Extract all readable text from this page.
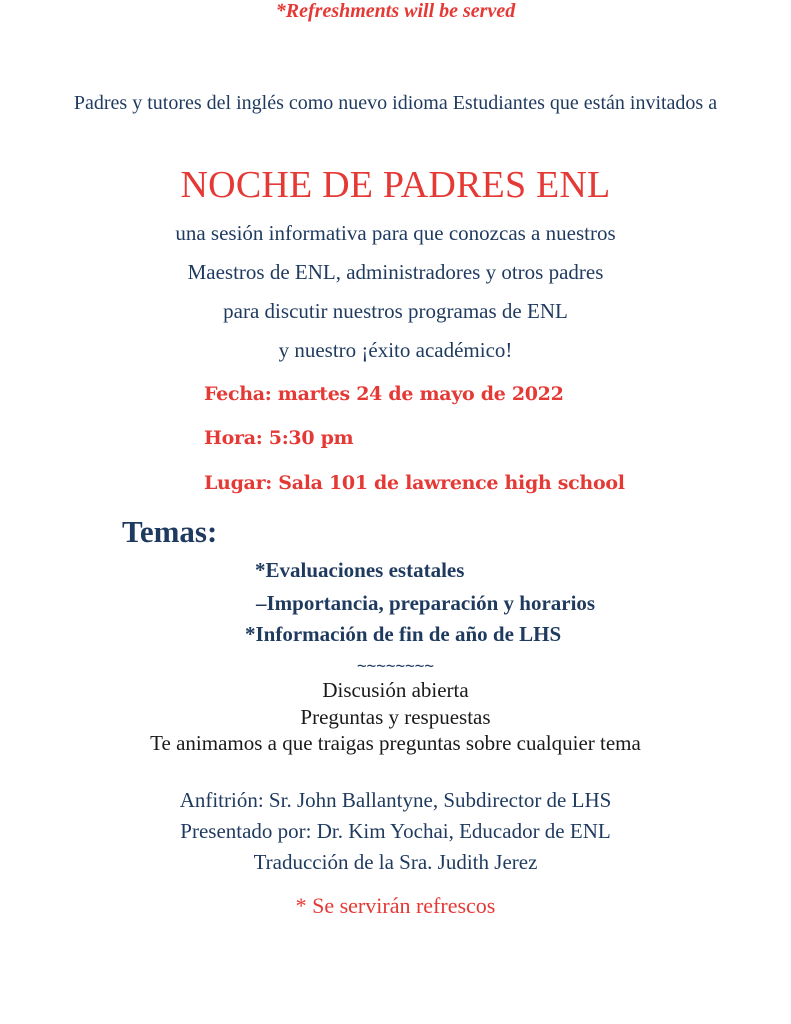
*Refreshments will be served
Padres y tutores del inglés como nuevo idioma Estudiantes que están invitados a
NOCHE DE PADRES ENL
una sesión informativa para que conozcas a nuestros
Maestros de ENL, administradores y otros padres
para discutir nuestros programas de ENL
y nuestro ¡éxito académico!
Fecha: martes 24 de mayo de 2022
Hora: 5:30 pm
Lugar: Sala 101 de lawrence high school
Temas:
*Evaluaciones estatales
–Importancia, preparación y horarios
*Información de fin de año de LHS
~~~~~~~~
Discusión abierta
Preguntas y respuestas
Te animamos a que traigas preguntas sobre cualquier tema
Anfitrión: Sr. John Ballantyne, Subdirector de LHS
Presentado por: Dr. Kim Yochai, Educador de ENL
Traducción de la Sra. Judith Jerez
* Se servirán refrescos
